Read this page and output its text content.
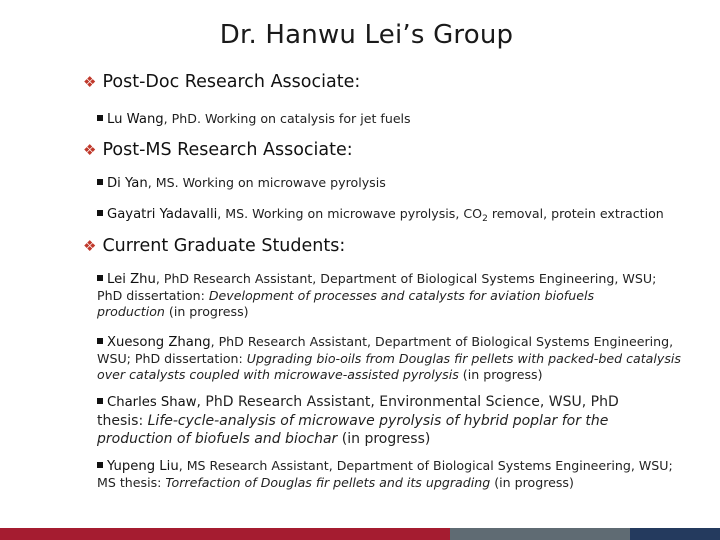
Dr. Hanwu Lei’s Group
❖ Post-Doc Research Associate:
Lu Wang, PhD. Working on catalysis for jet fuels
❖ Post-MS Research Associate:
Di Yan, MS. Working on microwave pyrolysis
Gayatri Yadavalli, MS. Working on microwave pyrolysis, $CO_2$ removal, protein extraction
❖ Current Graduate Students:
Lei Zhu, PhD Research Assistant, Department of Biological Systems Engineering, WSU; PhD dissertation: Development of processes and catalysts for aviation biofuels production (in progress)
Xuesong Zhang, PhD Research Assistant, Department of Biological Systems Engineering, WSU; PhD dissertation: Upgrading bio-oils from Douglas fir pellets with packed-bed catalysis over catalysts coupled with microwave-assisted pyrolysis (in progress)
Charles Shaw, PhD Research Assistant, Environmental Science, WSU, PhD thesis: Life-cycle-analysis of microwave pyrolysis of hybrid poplar for the production of biofuels and biochar (in progress)
Yupeng Liu, MS Research Assistant, Department of Biological Systems Engineering, WSU; MS thesis: Torrefaction of Douglas fir pellets and its upgrading (in progress)
